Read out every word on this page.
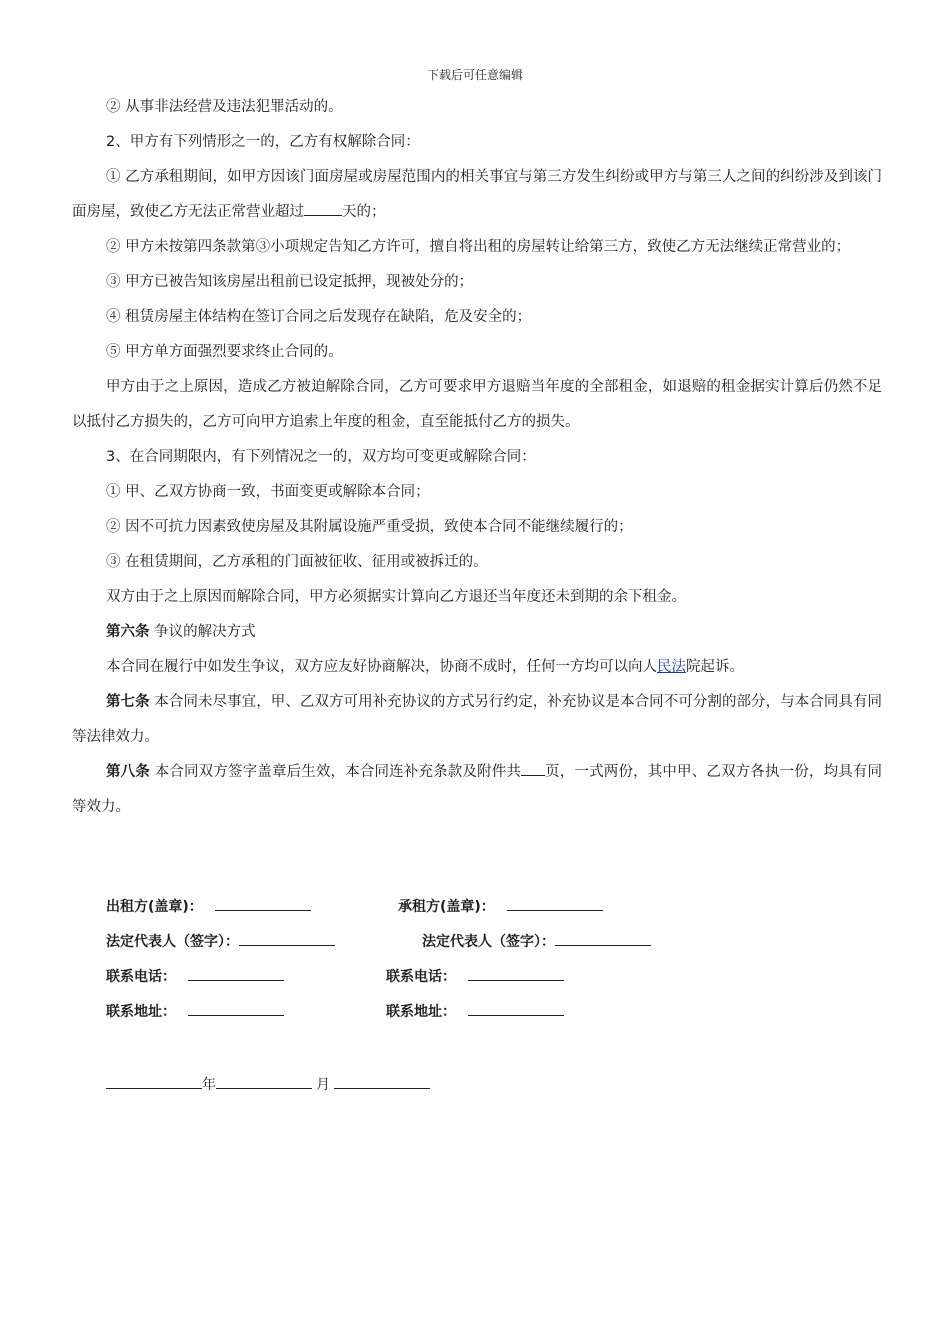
下载后可任意编辑

② 从事非法经营及违法犯罪活动的。

2、甲方有下列情形之一的，乙方有权解除合同：

① 乙方承租期间，如甲方因该门面房屋或房屋范围内的相关事宜与第三方发生纠纷或甲方与第三人之间的纠纷涉及到该门面房屋，致使乙方无法正常营业超过	天的；

② 甲方未按第四条款第③小项规定告知乙方许可，擅自将出租的房屋转让给第三方，致使乙方无法继续正常营业的；

③ 甲方已被告知该房屋出租前已设定抵押，现被处分的；

④ 租赁房屋主体结构在签订合同之后发现存在缺陷，危及安全的；

⑤ 甲方单方面强烈要求终止合同的。

甲方由于之上原因，造成乙方被迫解除合同，乙方可要求甲方退赔当年度的全部租金，如退赔的租金据实计算后仍然不足以抵付乙方损失的，乙方可向甲方追索上年度的租金，直至能抵付乙方的损失。

3、在合同期限内，有下列情况之一的，双方均可变更或解除合同：

① 甲、乙双方协商一致，书面变更或解除本合同；

② 因不可抗力因素致使房屋及其附属设施严重受损，致使本合同不能继续履行的；

③ 在租赁期间，乙方承租的门面被征收、征用或被拆迁的。

双方由于之上原因而解除合同，甲方必须据实计算向乙方退还当年度还未到期的余下租金。

第六条 争议的解决方式

本合同在履行中如发生争议，双方应友好协商解决，协商不成时，任何一方均可以向人民法院起诉。

第七条 本合同未尽事宜，甲、乙双方可用补充协议的方式另行约定，补充协议是本合同不可分割的部分，与本合同具有同等法律效力。

第八条 本合同双方签字盖章后生效，本合同连补充条款及附件共 页，一式两份，其中甲、乙双方各执一份，均具有同等效力。

出租方(盖章)：	承租方(盖章)：
法定代表人（签字）：	法定代表人（签字）：
联系电话：	联系电话：
联系地址：	联系地址：
年	月
